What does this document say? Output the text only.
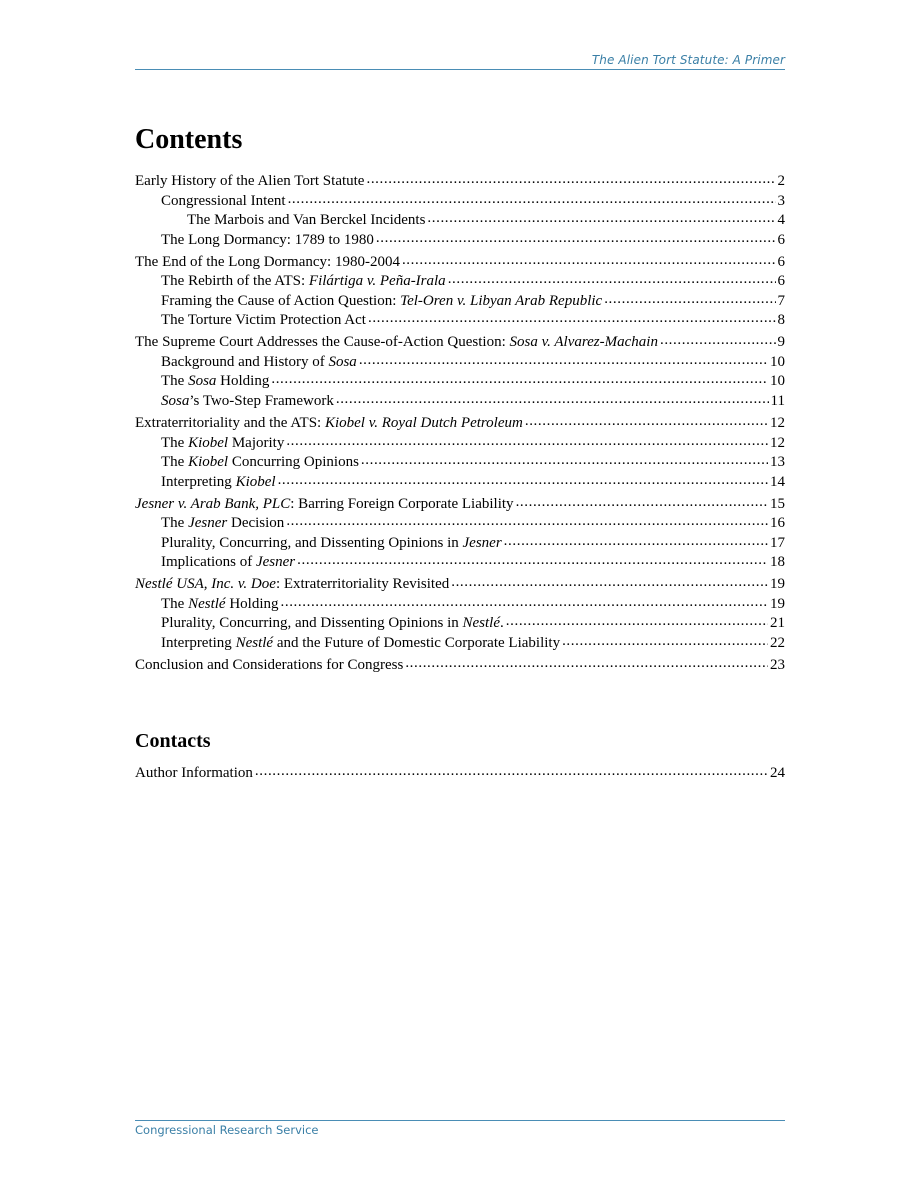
The Alien Tort Statute: A Primer
Contents
Early History of the Alien Tort Statute .....	2
Congressional Intent .....	3
The Marbois and Van Berckel Incidents .....	4
The Long Dormancy: 1789 to 1980 .....	6
The End of the Long Dormancy: 1980-2004 .....	6
The Rebirth of the ATS: Filártiga v. Peña-Irala .....	6
Framing the Cause of Action Question: Tel-Oren v. Libyan Arab Republic .....	7
The Torture Victim Protection Act .....	8
The Supreme Court Addresses the Cause-of-Action Question: Sosa v. Alvarez-Machain .....	9
Background and History of Sosa .....	10
The Sosa Holding .....	10
Sosa’s Two-Step Framework .....	11
Extraterritoriality and the ATS: Kiobel v. Royal Dutch Petroleum .....	12
The Kiobel Majority .....	12
The Kiobel Concurring Opinions .....	13
Interpreting Kiobel .....	14
Jesner v. Arab Bank, PLC: Barring Foreign Corporate Liability .....	15
The Jesner Decision .....	16
Plurality, Concurring, and Dissenting Opinions in Jesner .....	17
Implications of Jesner .....	18
Nestlé USA, Inc. v. Doe: Extraterritoriality Revisited .....	19
The Nestlé Holding .....	19
Plurality, Concurring, and Dissenting Opinions in Nestlé. .....	21
Interpreting Nestlé and the Future of Domestic Corporate Liability .....	22
Conclusion and Considerations for Congress .....	23
Contacts
Author Information .....	24
Congressional Research Service
